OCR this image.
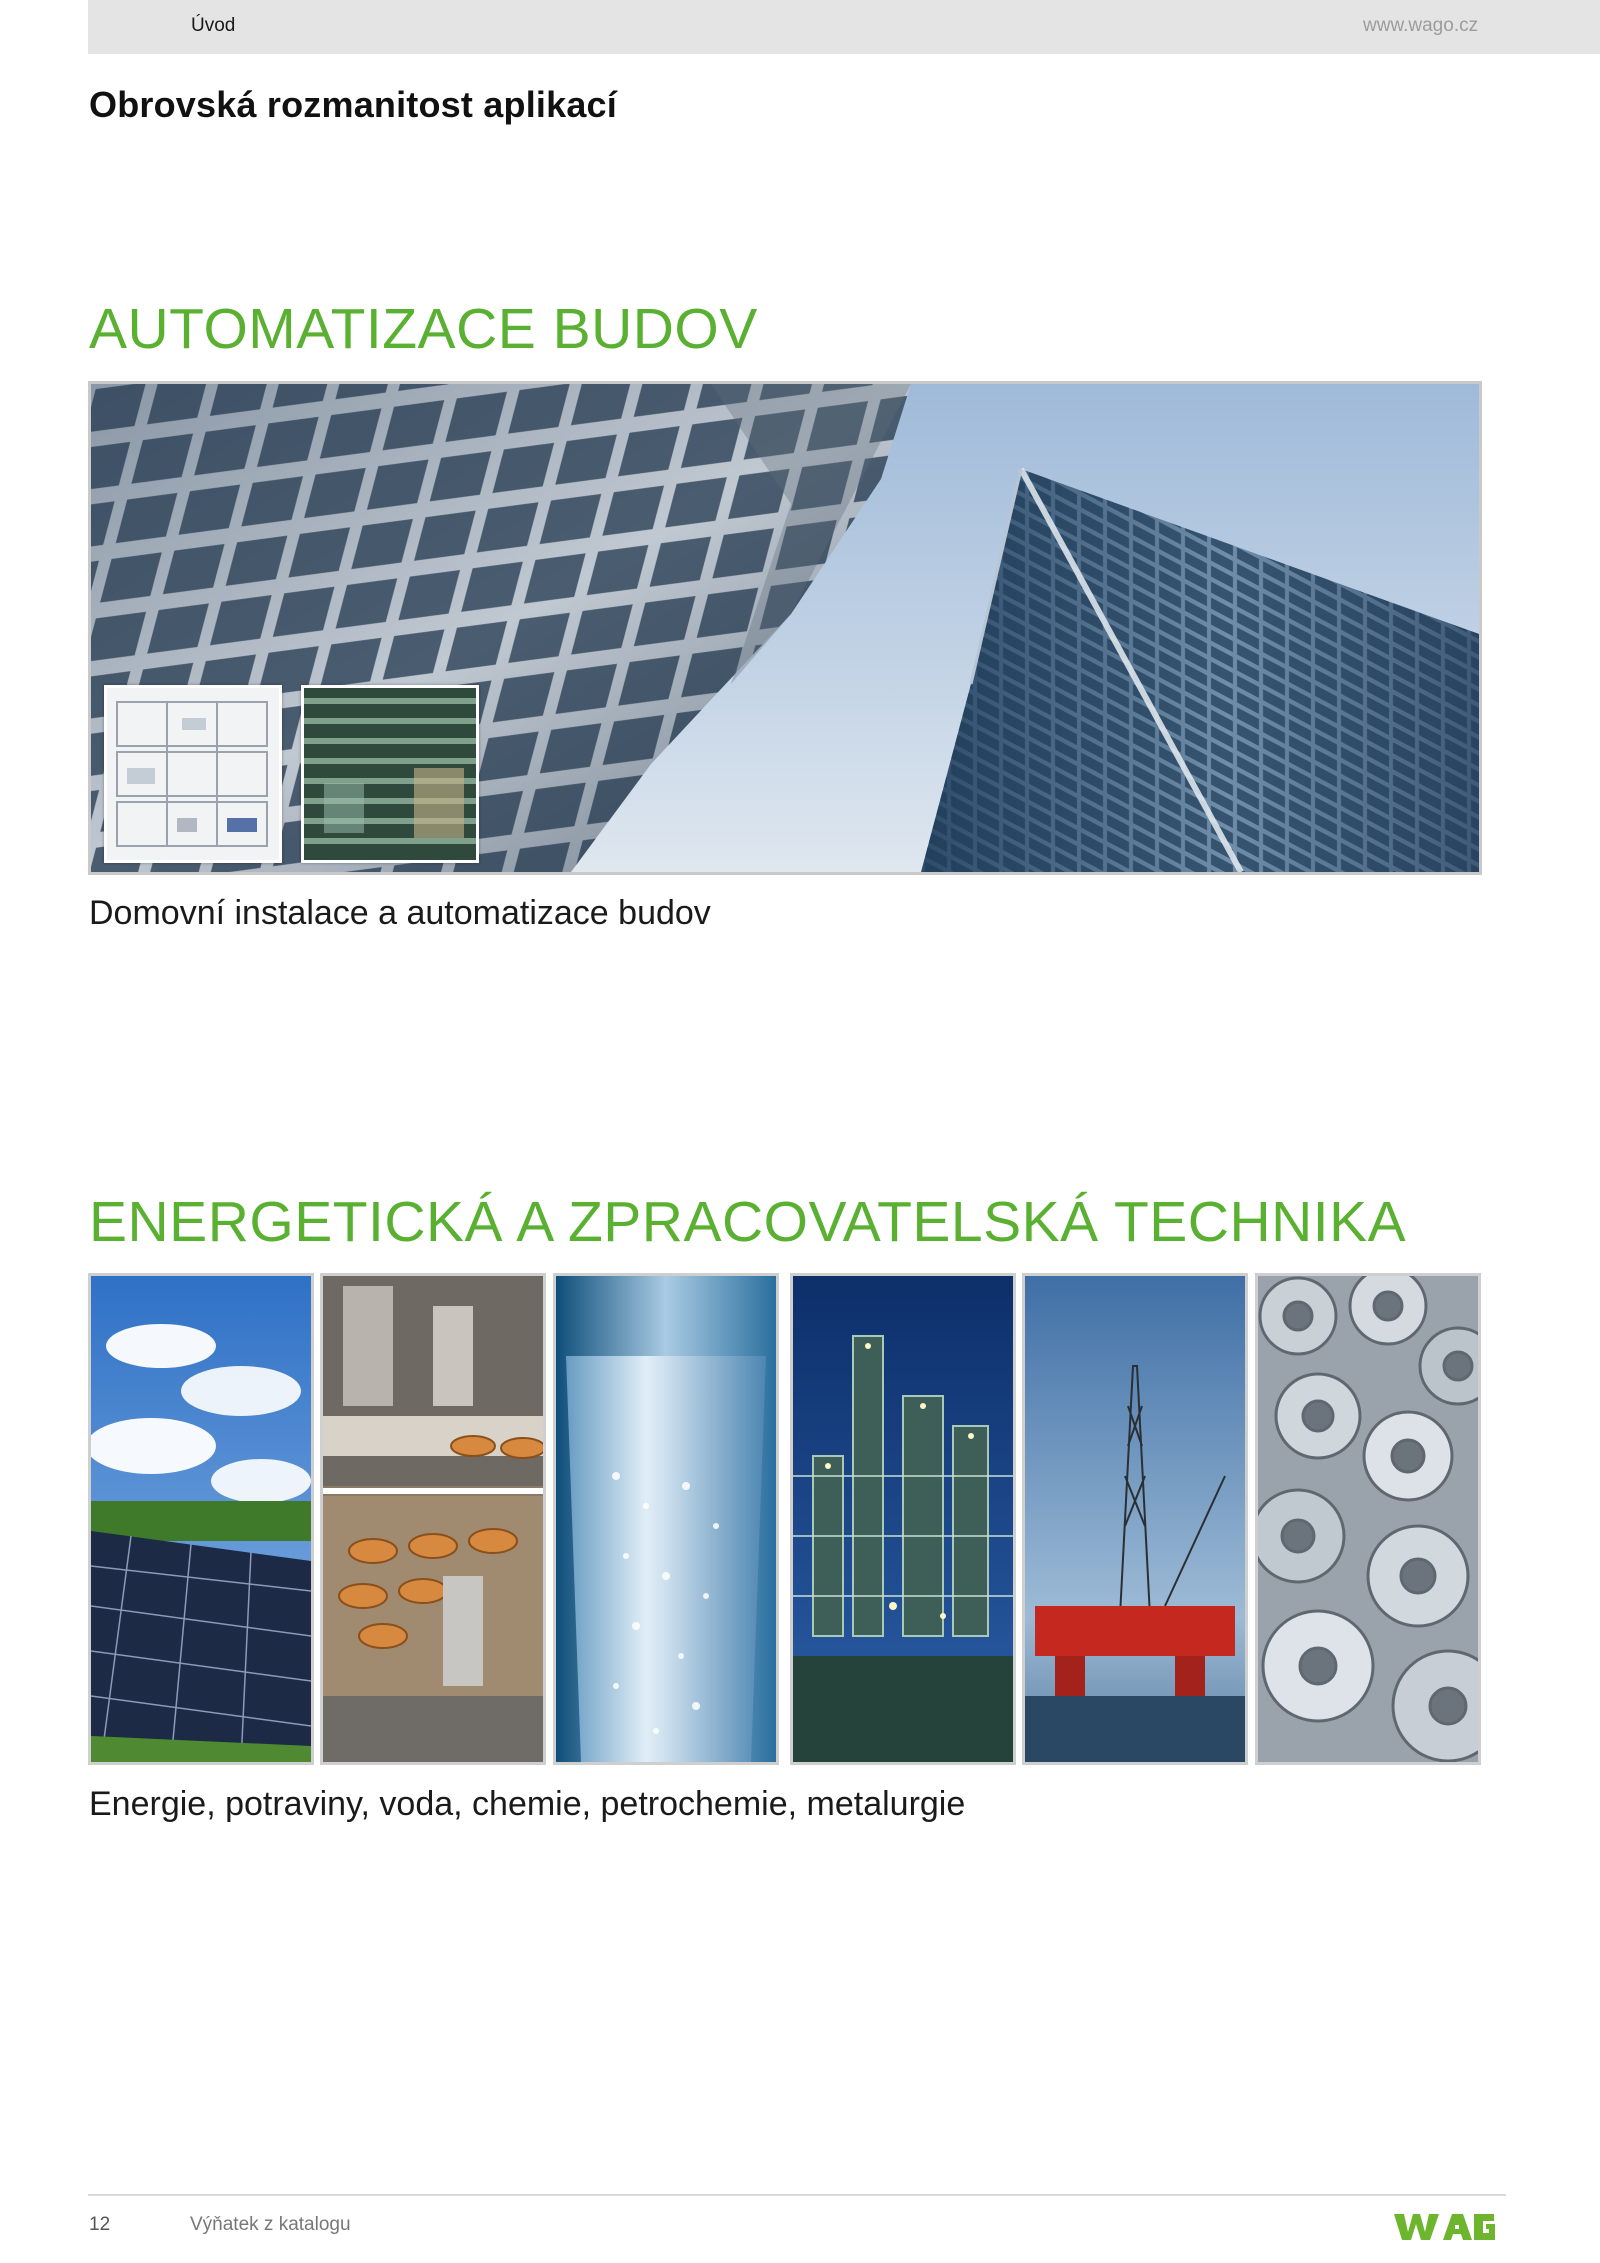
Úvod	www.wago.cz
Obrovská rozmanitost aplikací
AUTOMATIZACE BUDOV

Domovní instalace a automatizace budov

ENERGETICKÁ A ZPRACOVATELSKÁ TECHNIKA

Energie, potraviny, voda, chemie, petrochemie, metalurgie

12	Výňatek z katalogu
